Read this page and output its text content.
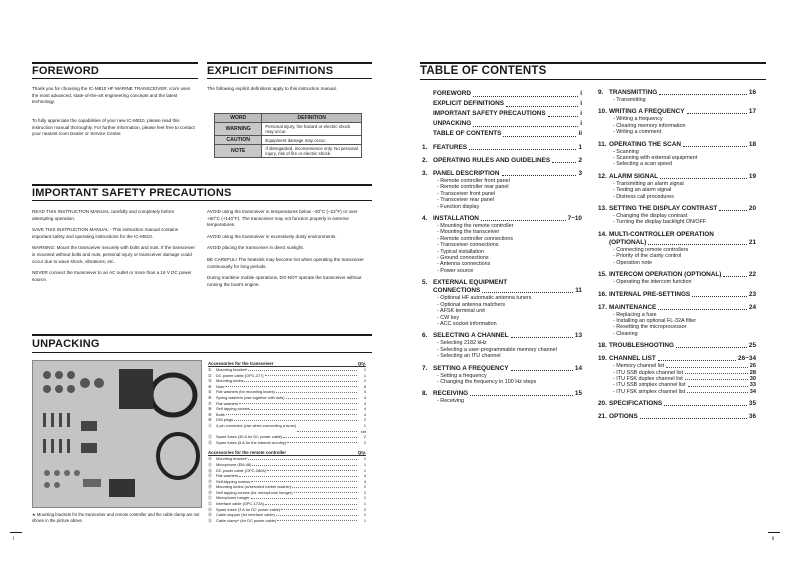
FOREWORD
Thank you for choosing the IC-M810 HF MARINE TRANSCEIVER. Icom uses the most advanced, state-of-the-art engineering concepts and the latest technology.
To fully appreciate the capabilities of your new IC-M810, please read this instruction manual thoroughly. For further information, please feel free to contact your nearest Icom Dealer or Service Center.
EXPLICIT DEFINITIONS
The following explicit definitions apply to this instruction manual.
WORD	DEFINITION
WARNING	Personal injury, fire hazard or electric shock may occur.
CAUTION	Equipment damage may occur.
NOTE	If disregarded, inconvenience only. No personal injury, risk of fire or electric shock.
IMPORTANT SAFETY PRECAUTIONS
READ THIS INSTRUCTION MANUAL carefully and completely before attempting operation.
SAVE THIS INSTRUCTION MANUAL - This instruction manual contains important safety and operating instructions for the IC-M810.
WARNING: Mount the transceiver securely with bolts and nuts. If the transceiver is mounted without bolts and nuts, personal injury or transceiver damage could occur due to wave shock, vibrations, etc.
NEVER connect the transceiver to an AC outlet or more than a 16 V DC power source.
AVOID using the transceiver in temperatures below –30°C (–22°F) or over +60°C (+140°F). The transceiver may not function properly in extreme temperatures.
AVOID using the transceiver in excessively dusty environments.
AVOID placing the transceiver in direct sunlight.
BE CAREFUL! The heatsink may become hot when operating the transceiver continuously for long periods.
During maritime mobile operations, DO NOT operate the transceiver without running the boat's engine.
UNPACKING
★ Mounting brackets for the transceiver and remote controller and the cable clamp are not shown in the picture above.
Accessories for the transceiver	Qty.
①	Mounting bracket*	1
②	DC power cable (OPC-377)	1
③	Mounting knobs	2
④	Nuts	8
⑤	Flat washers (for mounting knobs)	4
⑥	Spring washers (use together with nuts)	4
⑦	Flat washers	4
⑧	Self tapping screws	4
⑨	Bolts	4
⑩	DIN plugs	2
⑪	4-pin connector (use when connecting a tuner)	1 set
⑫	Spare fuses (30 A for DC power cable)	2
⑬	Spare fuses (5 A for the internal circuitry)	2
Accessories for the remote controller	Qty.
⑭	Mounting bracket*	1
⑮	Microphone (EM-48)	1
⑯	DC power cable (OPC-080A)	1
⑰	Flat washers	4
⑱	Self-tapping screws	4
⑲	Mounting knobs (w/serrated rubber washer)	2
⑳	Self tapping screws (for microphone hanger)	2
㉑	Microphone hanger	1
㉒	Interface cable (OPC-172A)	1
㉓	Spare fuses (3 A for DC power cable)	2
㉔	Cable stopper (for interface cable)	1
㉕	Cable clamp* (for DC power cable)	1
i
TABLE OF CONTENTS
FOREWORD	i
EXPLICIT DEFINITIONS	i
IMPORTANT SAFETY PRECAUTIONS	i
UNPACKING	i
TABLE OF CONTENTS	ii
1. FEATURES	1
2. OPERATING RULES AND GUIDELINES	2
3. PANEL DESCRIPTION	3
- Remote controller front panel
- Remote controller rear panel
- Transceiver front panel
- Transceiver rear panel
- Function display
4. INSTALLATION	7~10
- Mounting the remote controller
- Mounting the transceiver
- Remote controller connections
- Transceiver connections
- Typical installation
- Ground connections
- Antenna connections
- Power source
5. EXTERNAL EQUIPMENT
CONNECTIONS	11
- Optional HF automatic antenna tuners
- Optional antenna matchers
- AFSK terminal unit
- CW key
- ACC socket information
6. SELECTING A CHANNEL	13
- Selecting 2182 kHz
- Selecting a user-programmable memory channel
- Selecting an ITU channel
7. SETTING A FREQUENCY	14
- Setting a frequency
- Changing the frequency in 100 Hz steps
8. RECEIVING	15
- Receiving
9. TRANSMITTING	16
- Transmitting
10. WRITING A FREQUENCY	17
- Writing a frequency
- Clearing memory information
- Writing a comment
11. OPERATING THE SCAN	18
- Scanning
- Scanning with external equipment
- Selecting a scan speed
12. ALARM SIGNAL	19
- Transmitting an alarm signal
- Testing an alarm signal
- Distress call procedures
13. SETTING THE DISPLAY CONTRAST	20
- Changing the display contrast
- Turning the display backlight ON/OFF
14. MULTI-CONTROLLER OPERATION
(OPTIONAL)	21
- Connecting remote controllers
- Priority of the clarity control
- Operation note
15. INTERCOM OPERATION (OPTIONAL)	22
- Operating the intercom function
16. INTERNAL PRE-SETTINGS	23
17. MAINTENANCE	24
- Replacing a fuse
- Installing an optional FL-32A filter
- Resetting the microprocessor
- Cleaning
18. TROUBLESHOOTING	25
19. CHANNEL LIST	26~34
- Memory channel list	26
- ITU SSB duplex channel list	28
- ITU FSK duplex channel list	30
- ITU SSB simplex channel list	33
- ITU FSK simplex channel list	34
20. SPECIFICATIONS	35
21. OPTIONS	36
ii
